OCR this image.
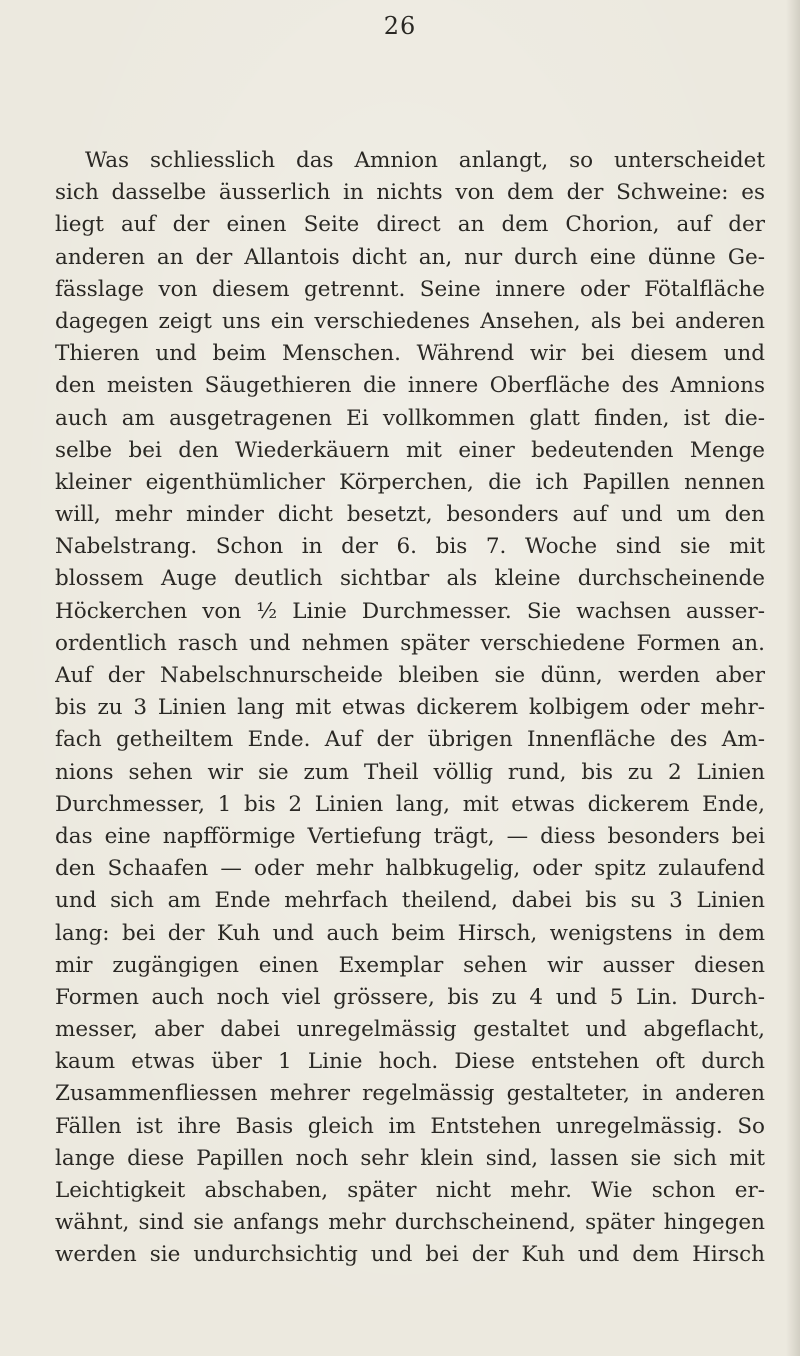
26
Was schliesslich das Amnion anlangt, so unterscheidet
sich dasselbe äusserlich in nichts von dem der Schweine: es
liegt auf der einen Seite direct an dem Chorion, auf der
anderen an der Allantois dicht an, nur durch eine dünne Ge-
fässlage von diesem getrennt. Seine innere oder Fötalfläche
dagegen zeigt uns ein verschiedenes Ansehen, als bei anderen
Thieren und beim Menschen. Während wir bei diesem und
den meisten Säugethieren die innere Oberfläche des Amnions
auch am ausgetragenen Ei vollkommen glatt finden, ist die-
selbe bei den Wiederkäuern mit einer bedeutenden Menge
kleiner eigenthümlicher Körperchen, die ich Papillen nennen
will, mehr minder dicht besetzt, besonders auf und um den
Nabelstrang. Schon in der 6. bis 7. Woche sind sie mit
blossem Auge deutlich sichtbar als kleine durchscheinende
Höckerchen von ½ Linie Durchmesser. Sie wachsen ausser-
ordentlich rasch und nehmen später verschiedene Formen an.
Auf der Nabelschnurscheide bleiben sie dünn, werden aber
bis zu 3 Linien lang mit etwas dickerem kolbigem oder mehr-
fach getheiltem Ende. Auf der übrigen Innenfläche des Am-
nions sehen wir sie zum Theil völlig rund, bis zu 2 Linien
Durchmesser, 1 bis 2 Linien lang, mit etwas dickerem Ende,
das eine napfförmige Vertiefung trägt, — diess besonders bei
den Schaafen — oder mehr halbkugelig, oder spitz zulaufend
und sich am Ende mehrfach theilend, dabei bis su 3 Linien
lang: bei der Kuh und auch beim Hirsch, wenigstens in dem
mir zugängigen einen Exemplar sehen wir ausser diesen
Formen auch noch viel grössere, bis zu 4 und 5 Lin. Durch-
messer, aber dabei unregelmässig gestaltet und abgeflacht,
kaum etwas über 1 Linie hoch. Diese entstehen oft durch
Zusammenfliessen mehrer regelmässig gestalteter, in anderen
Fällen ist ihre Basis gleich im Entstehen unregelmässig. So
lange diese Papillen noch sehr klein sind, lassen sie sich mit
Leichtigkeit abschaben, später nicht mehr. Wie schon er-
wähnt, sind sie anfangs mehr durchscheinend, später hingegen
werden sie undurchsichtig und bei der Kuh und dem Hirsch
